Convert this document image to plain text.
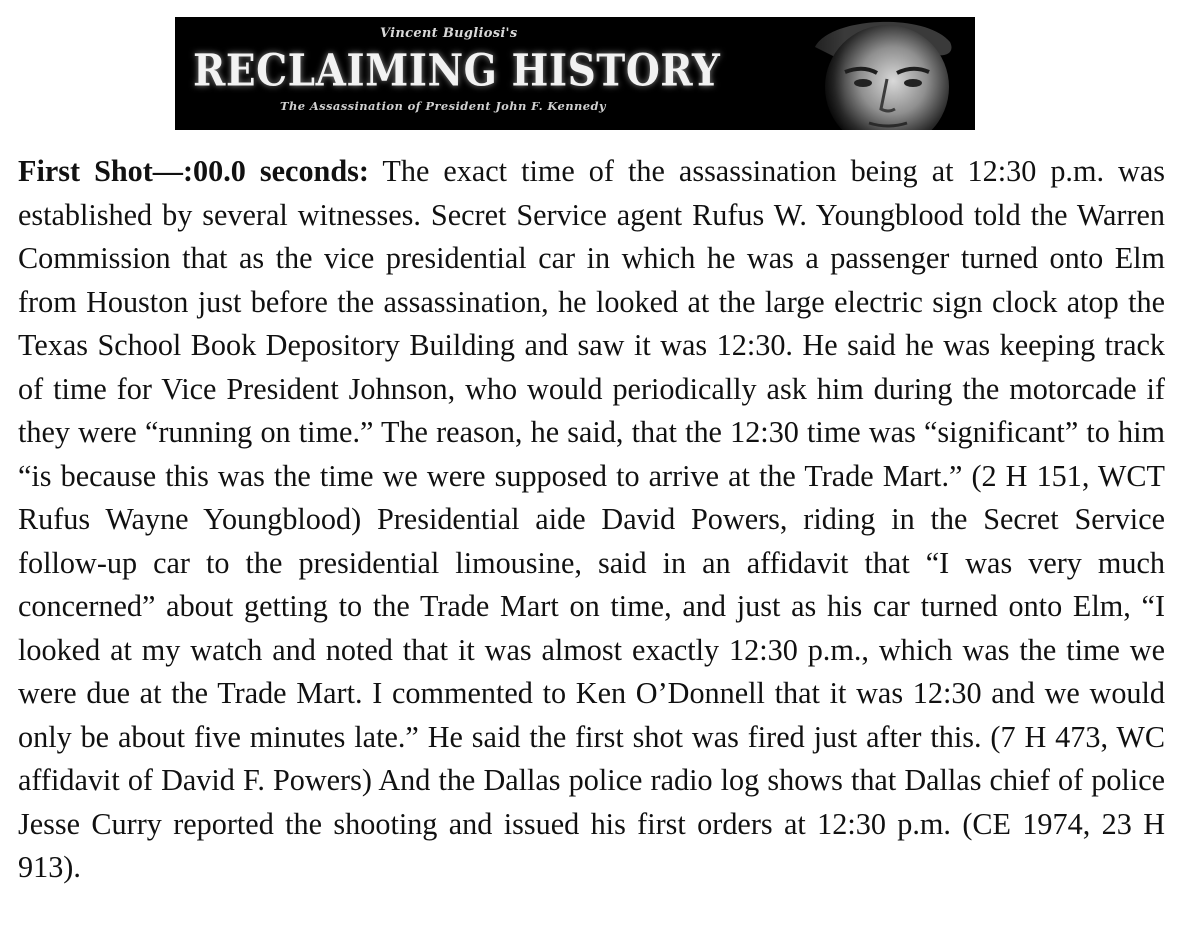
Vincent Bugliosi's
RECLAIMING HISTORY
The Assassination of President John F. Kennedy

First Shot—:00.0 seconds: The exact time of the assassination being at 12:30 p.m. was established by several witnesses. Secret Service agent Rufus W. Youngblood told the Warren Commission that as the vice presidential car in which he was a passenger turned onto Elm from Houston just before the assassination, he looked at the large electric sign clock atop the Texas School Book Depository Building and saw it was 12:30. He said he was keeping track of time for Vice President Johnson, who would periodically ask him during the motorcade if they were “running on time.” The reason, he said, that the 12:30 time was “significant” to him “is because this was the time we were supposed to arrive at the Trade Mart.” (2 H 151, WCT Rufus Wayne Youngblood) Presidential aide David Powers, riding in the Secret Service follow-up car to the presidential limousine, said in an affidavit that “I was very much concerned” about getting to the Trade Mart on time, and just as his car turned onto Elm, “I looked at my watch and noted that it was almost exactly 12:30 p.m., which was the time we were due at the Trade Mart. I commented to Ken O’Donnell that it was 12:30 and we would only be about five minutes late.” He said the first shot was fired just after this. (7 H 473, WC affidavit of David F. Powers) And the Dallas police radio log shows that Dallas chief of police Jesse Curry reported the shooting and issued his first orders at 12:30 p.m. (CE 1974, 23 H 913).
